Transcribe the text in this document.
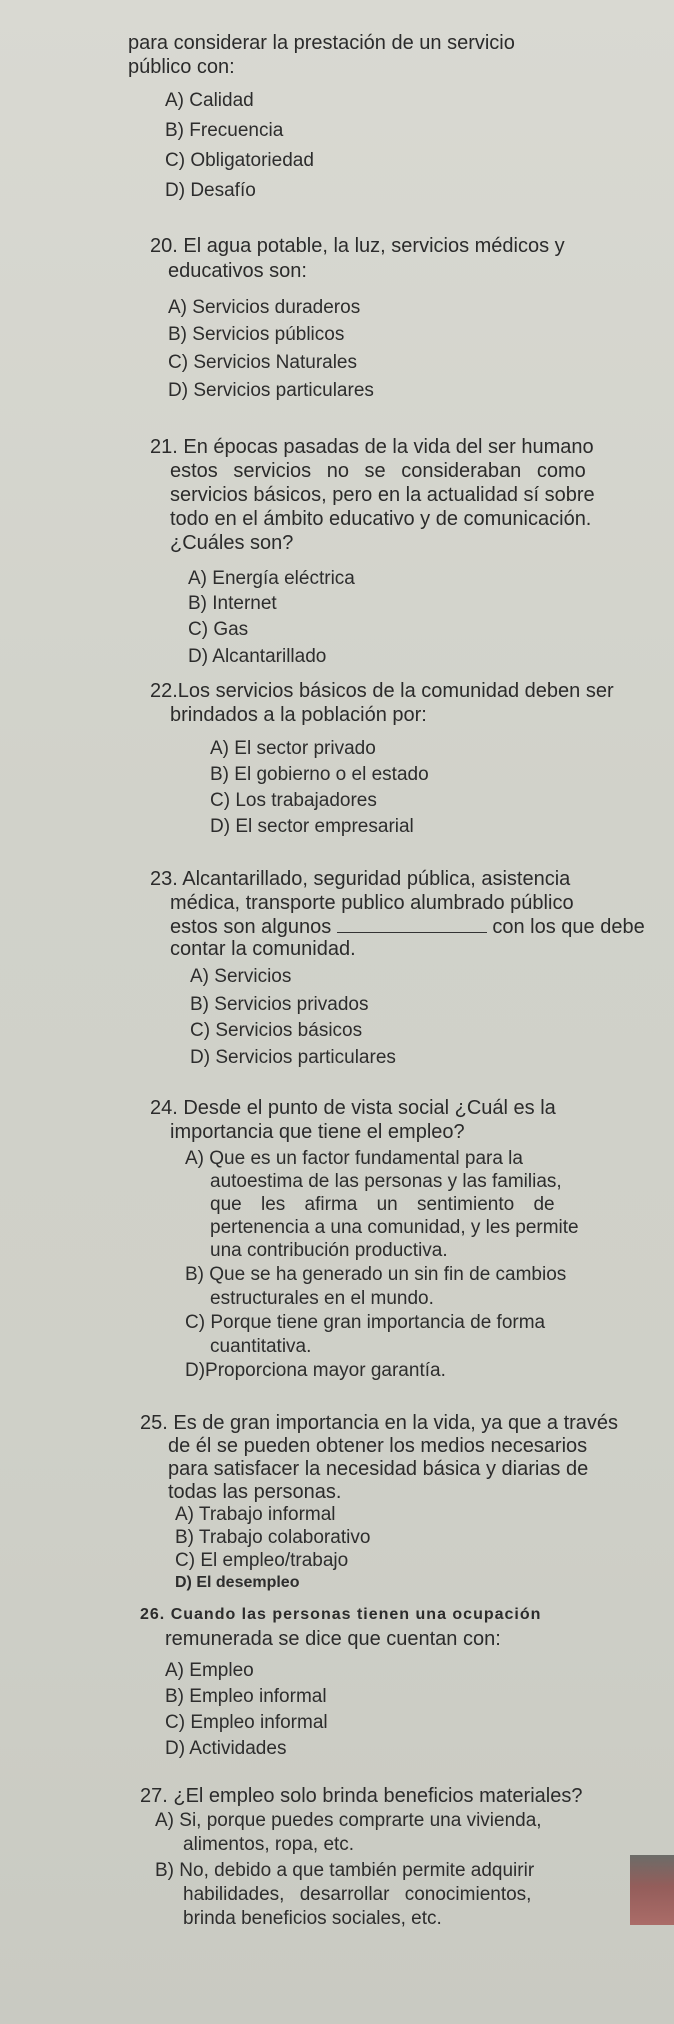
para considerar la prestación de un servicio
público con:
A) Calidad
B) Frecuencia
C) Obligatoriedad
D) Desafío
20. El agua potable, la luz, servicios médicos y
educativos son:
A) Servicios duraderos
B) Servicios públicos
C) Servicios Naturales
D) Servicios particulares
21. En épocas pasadas de la vida del ser humano
estos servicios no se consideraban como
servicios básicos, pero en la actualidad sí sobre
todo en el ámbito educativo y de comunicación.
¿Cuáles son?
A) Energía eléctrica
B) Internet
C) Gas
D) Alcantarillado
22.Los servicios básicos de la comunidad deben ser
brindados a la población por:
A) El sector privado
B) El gobierno o el estado
C) Los trabajadores
D) El sector empresarial
23. Alcantarillado, seguridad pública, asistencia
médica, transporte publico alumbrado público
estos son algunos	con los que debe
contar la comunidad.
A) Servicios
B) Servicios privados
C) Servicios básicos
D) Servicios particulares
24. Desde el punto de vista social ¿Cuál es la
importancia que tiene el empleo?
A) Que es un factor fundamental para la
autoestima de las personas y las familias,
que les afirma un sentimiento de
pertenencia a una comunidad, y les permite
una contribución productiva.
B) Que se ha generado un sin fin de cambios
estructurales en el mundo.
C) Porque tiene gran importancia de forma
cuantitativa.
D)Proporciona mayor garantía.
25. Es de gran importancia en la vida, ya que a través
de él se pueden obtener los medios necesarios
para satisfacer la necesidad básica y diarias de
todas las personas.
A) Trabajo informal
B) Trabajo colaborativo
C) El empleo/trabajo
D) El desempleo
26. Cuando las personas tienen una ocupación
remunerada se dice que cuentan con:
A) Empleo
B) Empleo informal
C) Empleo informal
D) Actividades
27. ¿El empleo solo brinda beneficios materiales?
A) Si, porque puedes comprarte una vivienda,
alimentos, ropa, etc.
B) No, debido a que también permite adquirir
habilidades, desarrollar conocimientos,
brinda beneficios sociales, etc.
